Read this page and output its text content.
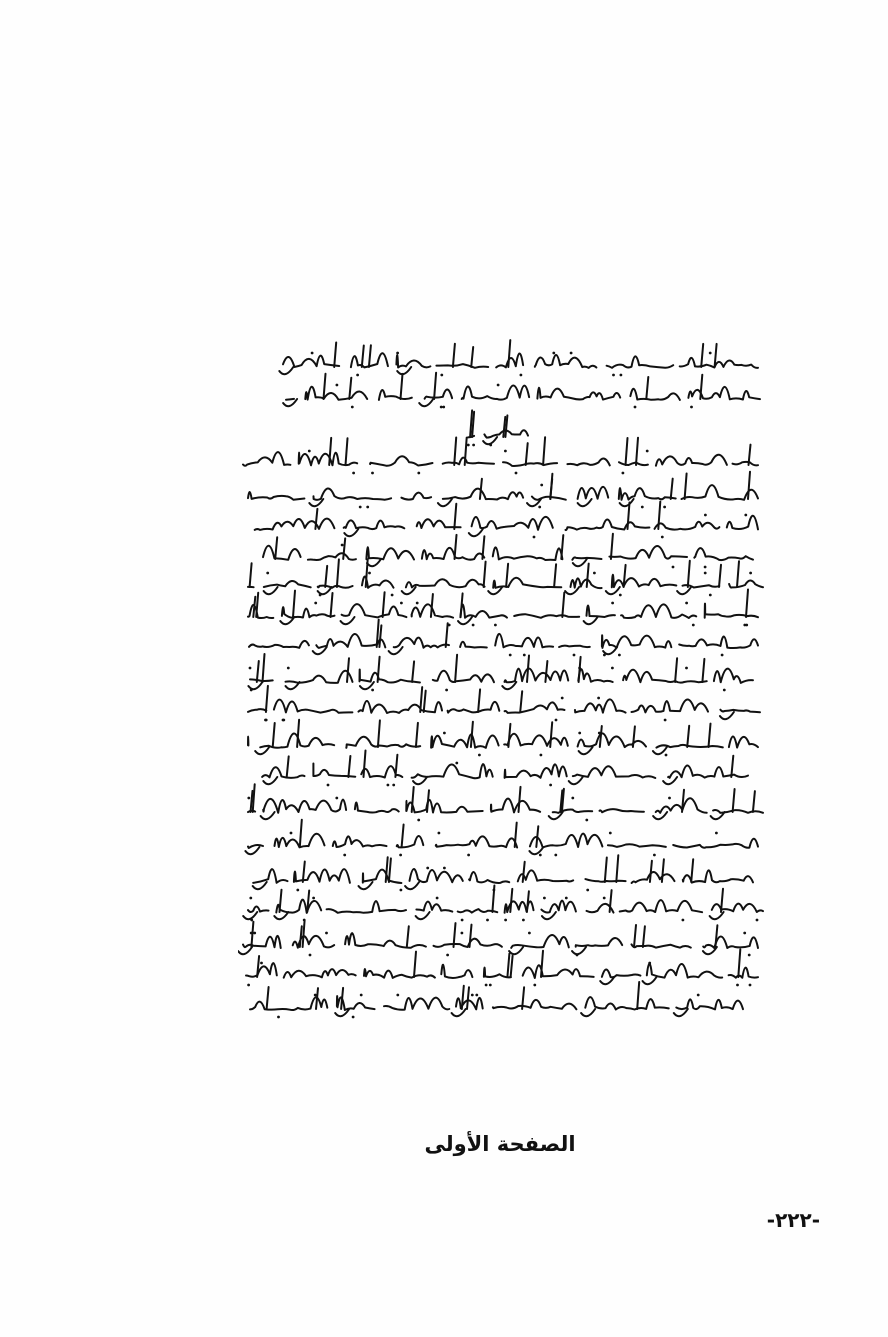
الصفحة الأولى
-٢٢٢-
